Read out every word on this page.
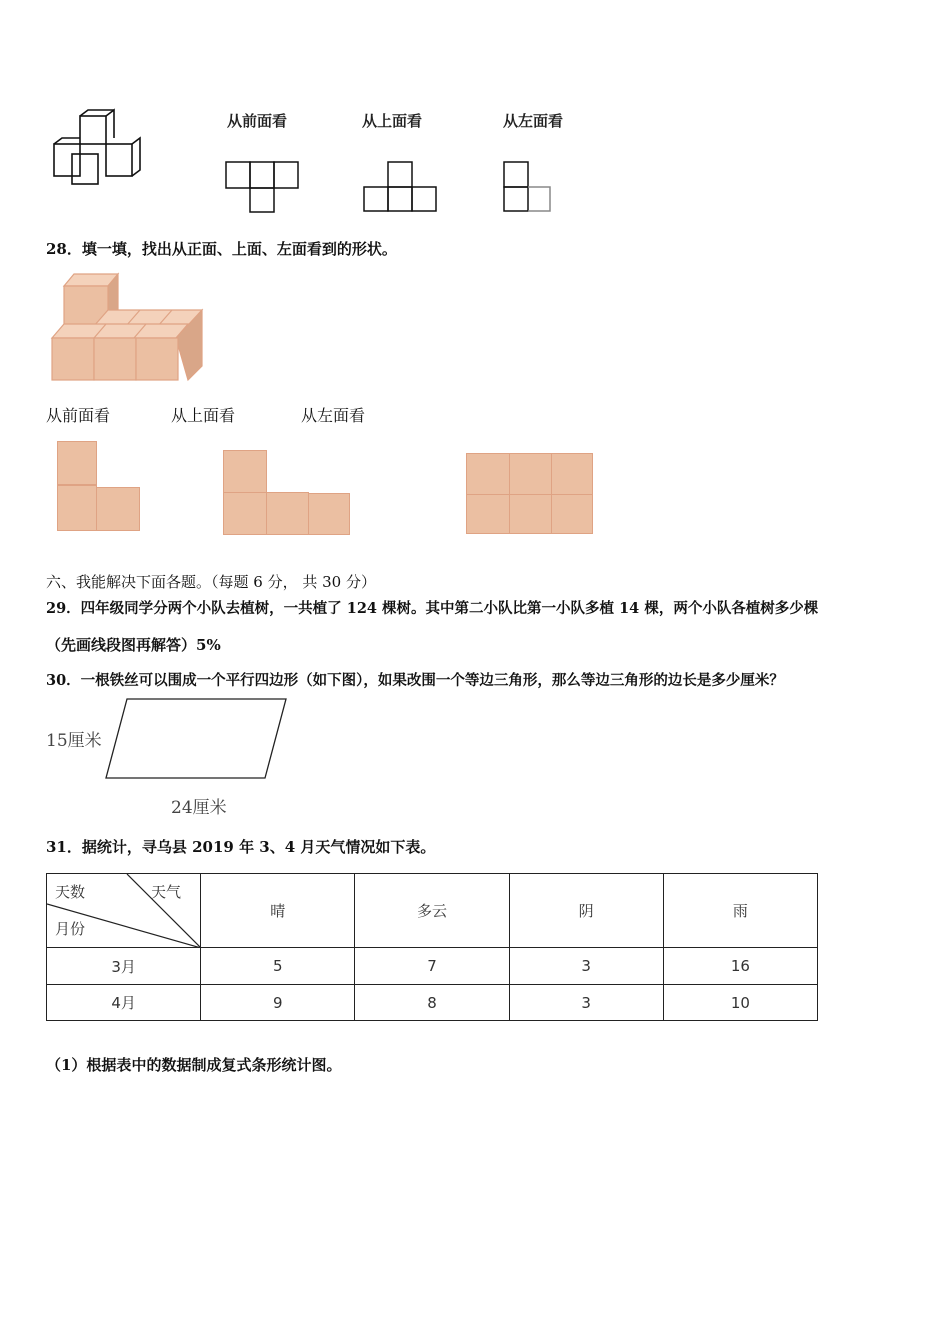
从前面看	从上面看	从左面看
28．填一填，找出从正面、上面、左面看到的形状。
从前面看	从上面看	从左面看
六、我能解决下面各题。（每题 6 分， 共 30 分）
29．四年级同学分两个小队去植树，一共植了 124 棵树。其中第二小队比第一小队多植 14 棵，两个小队各植树多少棵
（先画线段图再解答）5%
30．一根铁丝可以围成一个平行四边形（如下图），如果改围一个等边三角形，那么等边三角形的边长是多少厘米？
15厘米
24厘米
31．据统计，寻乌县 2019 年 3、4 月天气情况如下表。
天数 天气
月份	晴	多云	阴	雨
3月	5	7	3	16
4月	9	8	3	10
（1）根据表中的数据制成复式条形统计图。
